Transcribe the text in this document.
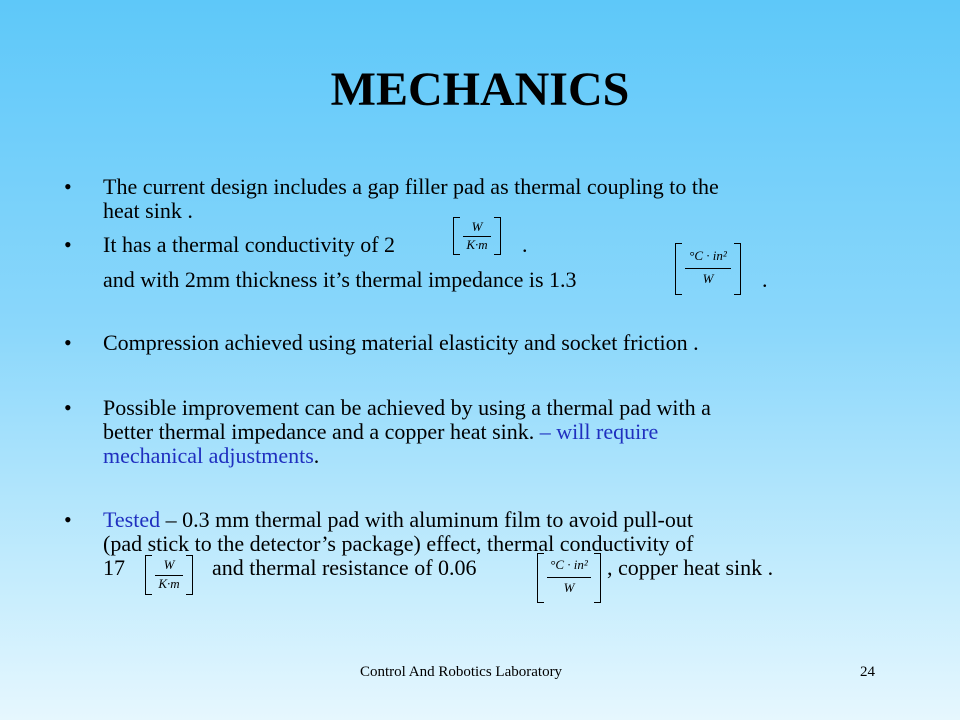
MECHANICS
• The current design includes a gap filler pad as thermal coupling to the
heat sink .
• It has a thermal conductivity of 2
W
K·m .
and with 2mm thickness it’s thermal impedance is 1.3
°C · in²
W	.
• Compression achieved using material elasticity and socket friction .
• Possible improvement can be achieved by using a thermal pad with a
better thermal impedance and a copper heat sink. – will require
mechanical adjustments.
• Tested – 0.3 mm thermal pad with aluminum film to avoid pull-out
(pad stick to the detector’s package) effect, thermal conductivity of
17	W
K·m
and thermal resistance of 0.06	°C · in²
W
, copper heat sink .
Control And Robotics Laboratory	24
